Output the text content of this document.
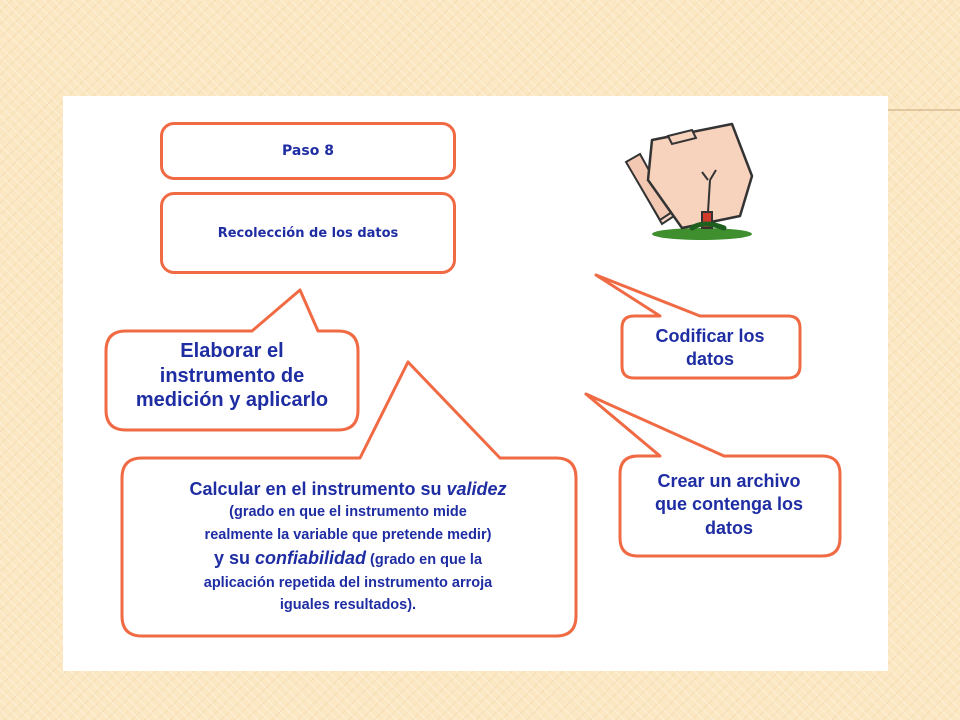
Paso 8
Recolección de los datos
Elaborar el
instrumento de
medición y aplicarlo
Calcular en el instrumento su validez
(grado en que el instrumento mide
realmente la variable que pretende medir)
y su confiabilidad (grado en que la
aplicación repetida del instrumento arroja
iguales resultados).
Codificar los
datos
Crear un archivo
que contenga los
datos
